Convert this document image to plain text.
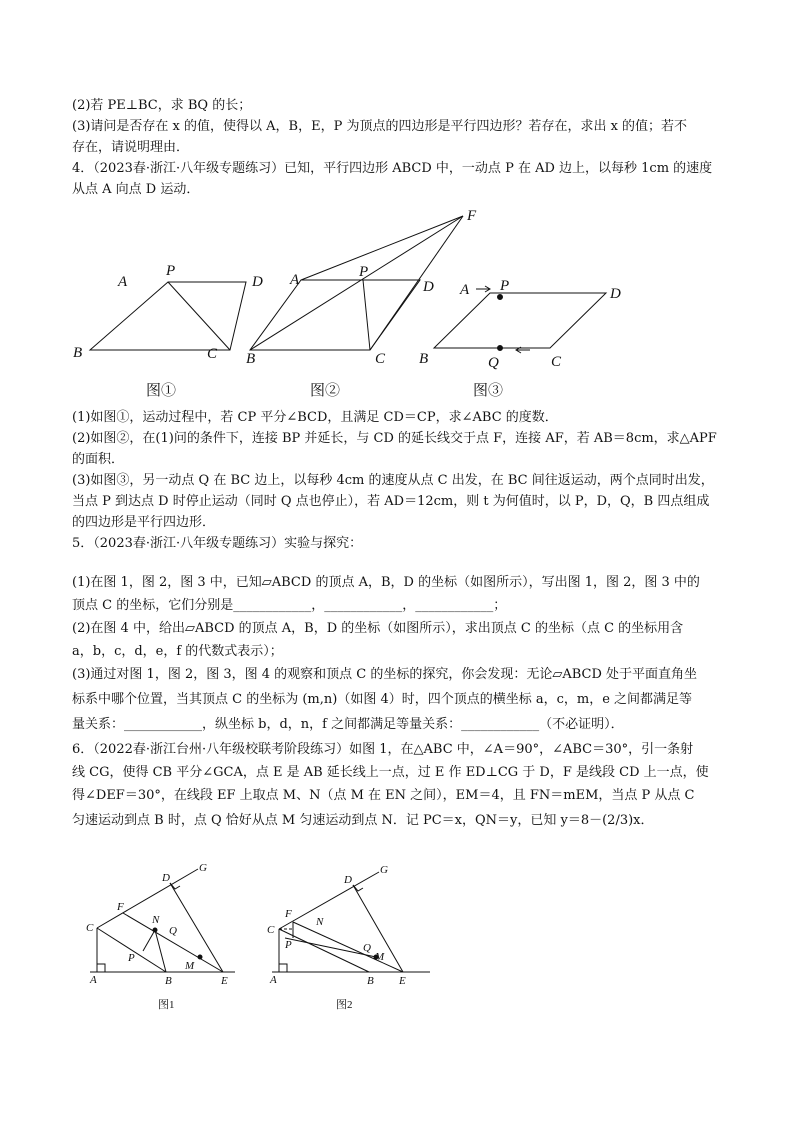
(2)若 PE⊥BC，求 BQ 的长；
(3)请问是否存在 x 的值，使得以 A，B，E，P 为顶点的四边形是平行四边形？若存在，求出 x 的值；若不
存在，请说明理由．
4．（2023春·浙江·八年级专题练习）已知，平行四边形 ABCD 中，一动点 P 在 AD 边上，以每秒 1cm 的速度
从点 A 向点 D 运动．
A
P
D
B	C
图①
F
A	P
D
B	C
图②
A P	D
B	Q	C
图③
(1)如图①，运动过程中，若 CP 平分∠BCD，且满足 CD＝CP，求∠ABC 的度数．
(2)如图②，在(1)问的条件下，连接 BP 并延长，与 CD 的延长线交于点 F，连接 AF，若 AB＝8cm，求△APF
的面积．
(3)如图③，另一动点 Q 在 BC 边上，以每秒 4cm 的速度从点 C 出发，在 BC 间往返运动，两个点同时出发，
当点 P 到达点 D 时停止运动（同时 Q 点也停止），若 AD＝12cm，则 t 为何值时，以 P，D，Q，B 四点组成
的四边形是平行四边形．
5．（2023春·浙江·八年级专题练习）实验与探究：
(1)在图 1，图 2，图 3 中，已知▱ABCD 的顶点 A，B，D 的坐标（如图所示），写出图 1，图 2，图 3 中的
顶点 C 的坐标，它们分别是____________，____________，____________；
(2)在图 4 中，给出▱ABCD 的顶点 A，B，D 的坐标（如图所示），求出顶点 C 的坐标（点 C 的坐标用含
a，b，c，d，e，f 的代数式表示）；
(3)通过对图 1，图 2，图 3，图 4 的观察和顶点 C 的坐标的探究，你会发现：无论▱ABCD 处于平面直角坐
标系中哪个位置，当其顶点 C 的坐标为 (m,n)（如图 4）时，四个顶点的横坐标 a，c，m，e 之间都满足等
量关系：____________，纵坐标 b，d，n，f 之间都满足等量关系：____________（不必证明）．
6．（2022春·浙江台州·八年级校联考阶段练习）如图 1，在△ABC 中，∠A＝90°，∠ABC＝30°，引一条射
线 CG，使得 CB 平分∠GCA，点 E 是 AB 延长线上一点，过 E 作 ED⊥CG 于 D，F 是线段 CD 上一点，使
得∠DEF＝30°，在线段 EF 上取点 M、N（点 M 在 EN 之间），EM＝4，且 FN＝mEM，当点 P 从点 C
匀速运动到点 B 时，点 Q 恰好从点 M 匀速运动到点 N．记 PC＝x，QN＝y，已知 y＝8－(2/3)x．
D
G
F
N
C	Q
P
M
A	B	E
图1
D
G
F
N
C
P	Q
M
A	B E
图2
